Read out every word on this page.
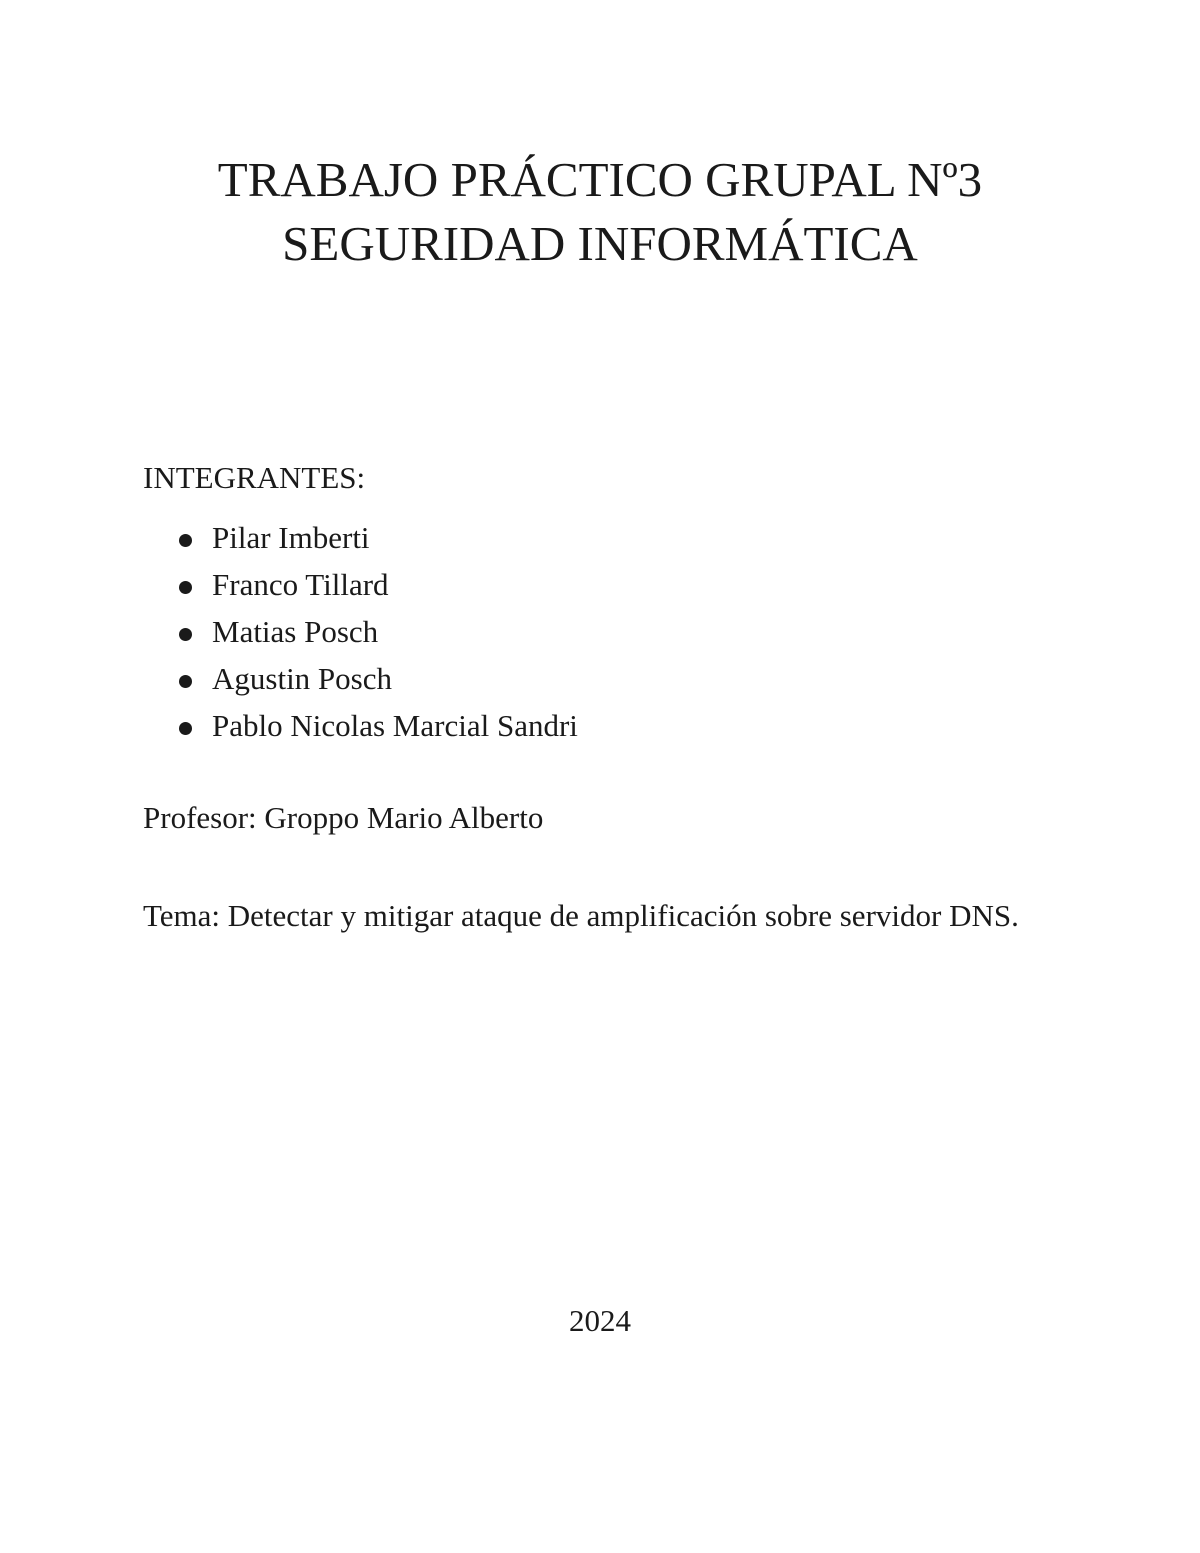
TRABAJO PRÁCTICO GRUPAL Nº3
SEGURIDAD INFORMÁTICA
INTEGRANTES:
Pilar Imberti
Franco Tillard
Matias Posch
Agustin Posch
Pablo Nicolas Marcial Sandri
Profesor: Groppo Mario Alberto
Tema: Detectar y mitigar ataque de amplificación sobre servidor DNS.
2024
